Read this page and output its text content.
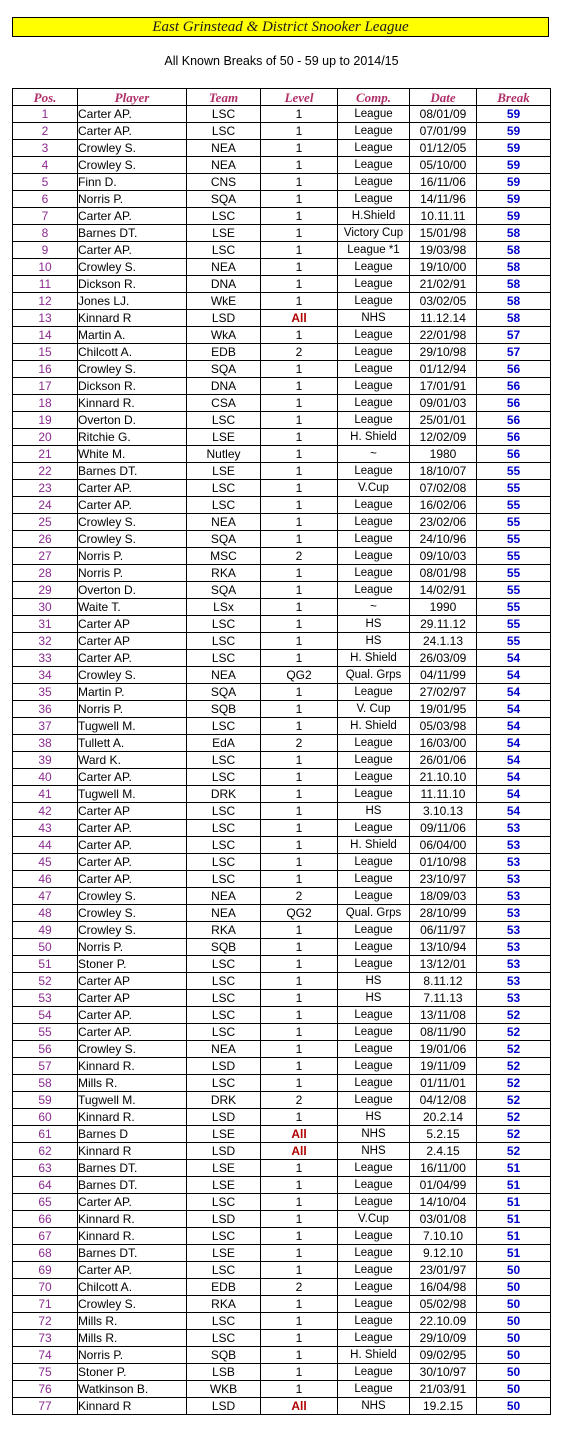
East Grinstead & District Snooker League
All Known Breaks of 50 - 59 up to 2014/15
Pos.	Player	Team	Level	Comp.	Date	Break
1	Carter AP.	LSC	1	League	08/01/09	59
2	Carter AP.	LSC	1	League	07/01/99	59
3	Crowley S.	NEA	1	League	01/12/05	59
4	Crowley S.	NEA	1	League	05/10/00	59
5	Finn D.	CNS	1	League	16/11/06	59
6	Norris P.	SQA	1	League	14/11/96	59
7	Carter AP.	LSC	1	H.Shield	10.11.11	59
8	Barnes DT.	LSE	1	Victory Cup	15/01/98	58
9	Carter AP.	LSC	1	League *1	19/03/98	58
10	Crowley S.	NEA	1	League	19/10/00	58
11	Dickson R.	DNA	1	League	21/02/91	58
12	Jones LJ.	WkE	1	League	03/02/05	58
13	Kinnard R	LSD	All	NHS	11.12.14	58
14	Martin A.	WkA	1	League	22/01/98	57
15	Chilcott A.	EDB	2	League	29/10/98	57
16	Crowley S.	SQA	1	League	01/12/94	56
17	Dickson R.	DNA	1	League	17/01/91	56
18	Kinnard R.	CSA	1	League	09/01/03	56
19	Overton D.	LSC	1	League	25/01/01	56
20	Ritchie G.	LSE	1	H. Shield	12/02/09	56
21	White M.	Nutley	1	~	1980	56
22	Barnes DT.	LSE	1	League	18/10/07	55
23	Carter AP.	LSC	1	V.Cup	07/02/08	55
24	Carter AP.	LSC	1	League	16/02/06	55
25	Crowley S.	NEA	1	League	23/02/06	55
26	Crowley S.	SQA	1	League	24/10/96	55
27	Norris P.	MSC	2	League	09/10/03	55
28	Norris P.	RKA	1	League	08/01/98	55
29	Overton D.	SQA	1	League	14/02/91	55
30	Waite T.	LSx	1	~	1990	55
31	Carter AP	LSC	1	HS	29.11.12	55
32	Carter AP	LSC	1	HS	24.1.13	55
33	Carter AP.	LSC	1	H. Shield	26/03/09	54
34	Crowley S.	NEA	QG2	Qual. Grps	04/11/99	54
35	Martin P.	SQA	1	League	27/02/97	54
36	Norris P.	SQB	1	V. Cup	19/01/95	54
37	Tugwell M.	LSC	1	H. Shield	05/03/98	54
38	Tullett A.	EdA	2	League	16/03/00	54
39	Ward K.	LSC	1	League	26/01/06	54
40	Carter AP.	LSC	1	League	21.10.10	54
41	Tugwell M.	DRK	1	League	11.11.10	54
42	Carter AP	LSC	1	HS	3.10.13	54
43	Carter AP.	LSC	1	League	09/11/06	53
44	Carter AP.	LSC	1	H. Shield	06/04/00	53
45	Carter AP.	LSC	1	League	01/10/98	53
46	Carter AP.	LSC	1	League	23/10/97	53
47	Crowley S.	NEA	2	League	18/09/03	53
48	Crowley S.	NEA	QG2	Qual. Grps	28/10/99	53
49	Crowley S.	RKA	1	League	06/11/97	53
50	Norris P.	SQB	1	League	13/10/94	53
51	Stoner P.	LSC	1	League	13/12/01	53
52	Carter AP	LSC	1	HS	8.11.12	53
53	Carter AP	LSC	1	HS	7.11.13	53
54	Carter AP.	LSC	1	League	13/11/08	52
55	Carter AP.	LSC	1	League	08/11/90	52
56	Crowley S.	NEA	1	League	19/01/06	52
57	Kinnard R.	LSD	1	League	19/11/09	52
58	Mills R.	LSC	1	League	01/11/01	52
59	Tugwell M.	DRK	2	League	04/12/08	52
60	Kinnard R.	LSD	1	HS	20.2.14	52
61	Barnes D	LSE	All	NHS	5.2.15	52
62	Kinnard R	LSD	All	NHS	2.4.15	52
63	Barnes DT.	LSE	1	League	16/11/00	51
64	Barnes DT.	LSE	1	League	01/04/99	51
65	Carter AP.	LSC	1	League	14/10/04	51
66	Kinnard R.	LSD	1	V.Cup	03/01/08	51
67	Kinnard R.	LSC	1	League	7.10.10	51
68	Barnes DT.	LSE	1	League	9.12.10	51
69	Carter AP.	LSC	1	League	23/01/97	50
70	Chilcott A.	EDB	2	League	16/04/98	50
71	Crowley S.	RKA	1	League	05/02/98	50
72	Mills R.	LSC	1	League	22.10.09	50
73	Mills R.	LSC	1	League	29/10/09	50
74	Norris P.	SQB	1	H. Shield	09/02/95	50
75	Stoner P.	LSB	1	League	30/10/97	50
76	Watkinson B.	WKB	1	League	21/03/91	50
77	Kinnard R	LSD	All	NHS	19.2.15	50
